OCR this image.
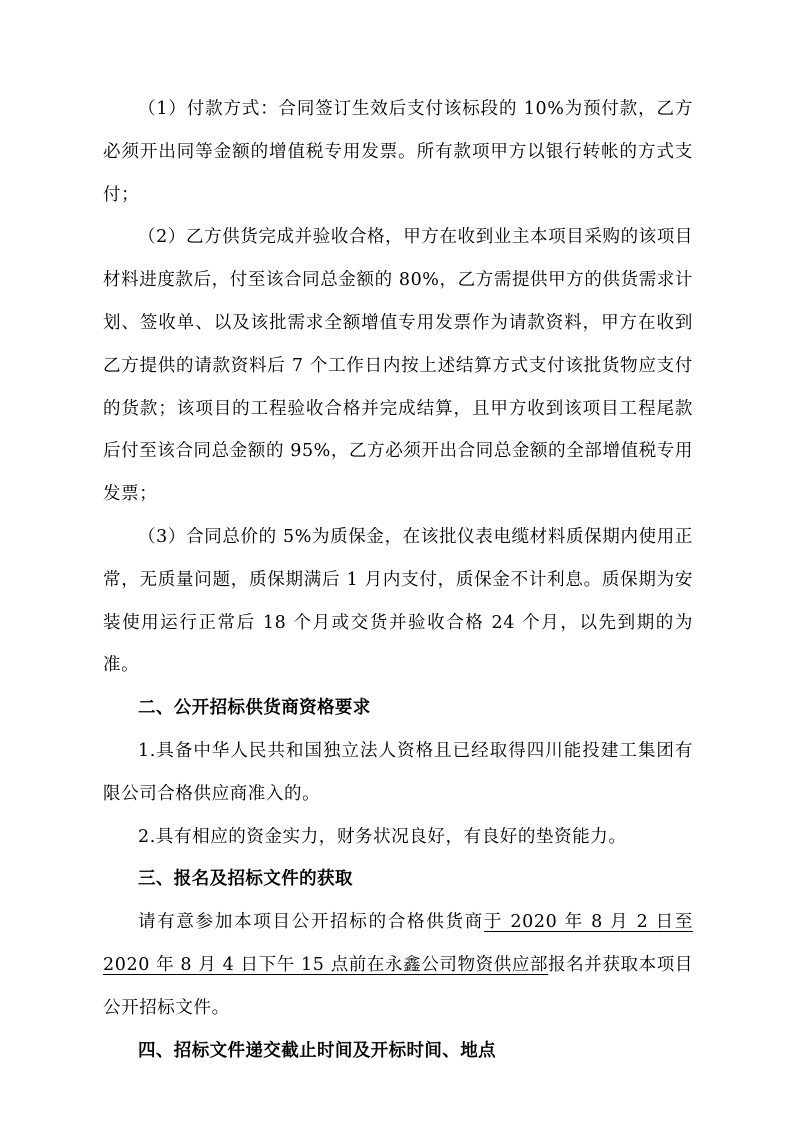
（1）付款方式：合同签订生效后支付该标段的 10%为预付款，乙方必须开出同等金额的增值税专用发票。所有款项甲方以银行转帐的方式支付；

（2）乙方供货完成并验收合格，甲方在收到业主本项目采购的该项目材料进度款后，付至该合同总金额的 80%，乙方需提供甲方的供货需求计划、签收单、以及该批需求全额增值专用发票作为请款资料，甲方在收到乙方提供的请款资料后 7 个工作日内按上述结算方式支付该批货物应支付的货款；该项目的工程验收合格并完成结算，且甲方收到该项目工程尾款后付至该合同总金额的 95%，乙方必须开出合同总金额的全部增值税专用发票；

（3）合同总价的 5%为质保金，在该批仪表电缆材料质保期内使用正常，无质量问题，质保期满后 1 月内支付，质保金不计利息。质保期为安装使用运行正常后 18 个月或交货并验收合格 24 个月，以先到期的为准。

二、公开招标供货商资格要求

1.具备中华人民共和国独立法人资格且已经取得四川能投建工集团有限公司合格供应商准入的。

2.具有相应的资金实力，财务状况良好，有良好的垫资能力。

三、报名及招标文件的获取

请有意参加本项目公开招标的合格供货商于 2020 年 8 月 2 日至 2020 年 8 月 4 日下午 15 点前在永鑫公司物资供应部报名并获取本项目公开招标文件。

四、招标文件递交截止时间及开标时间、地点
